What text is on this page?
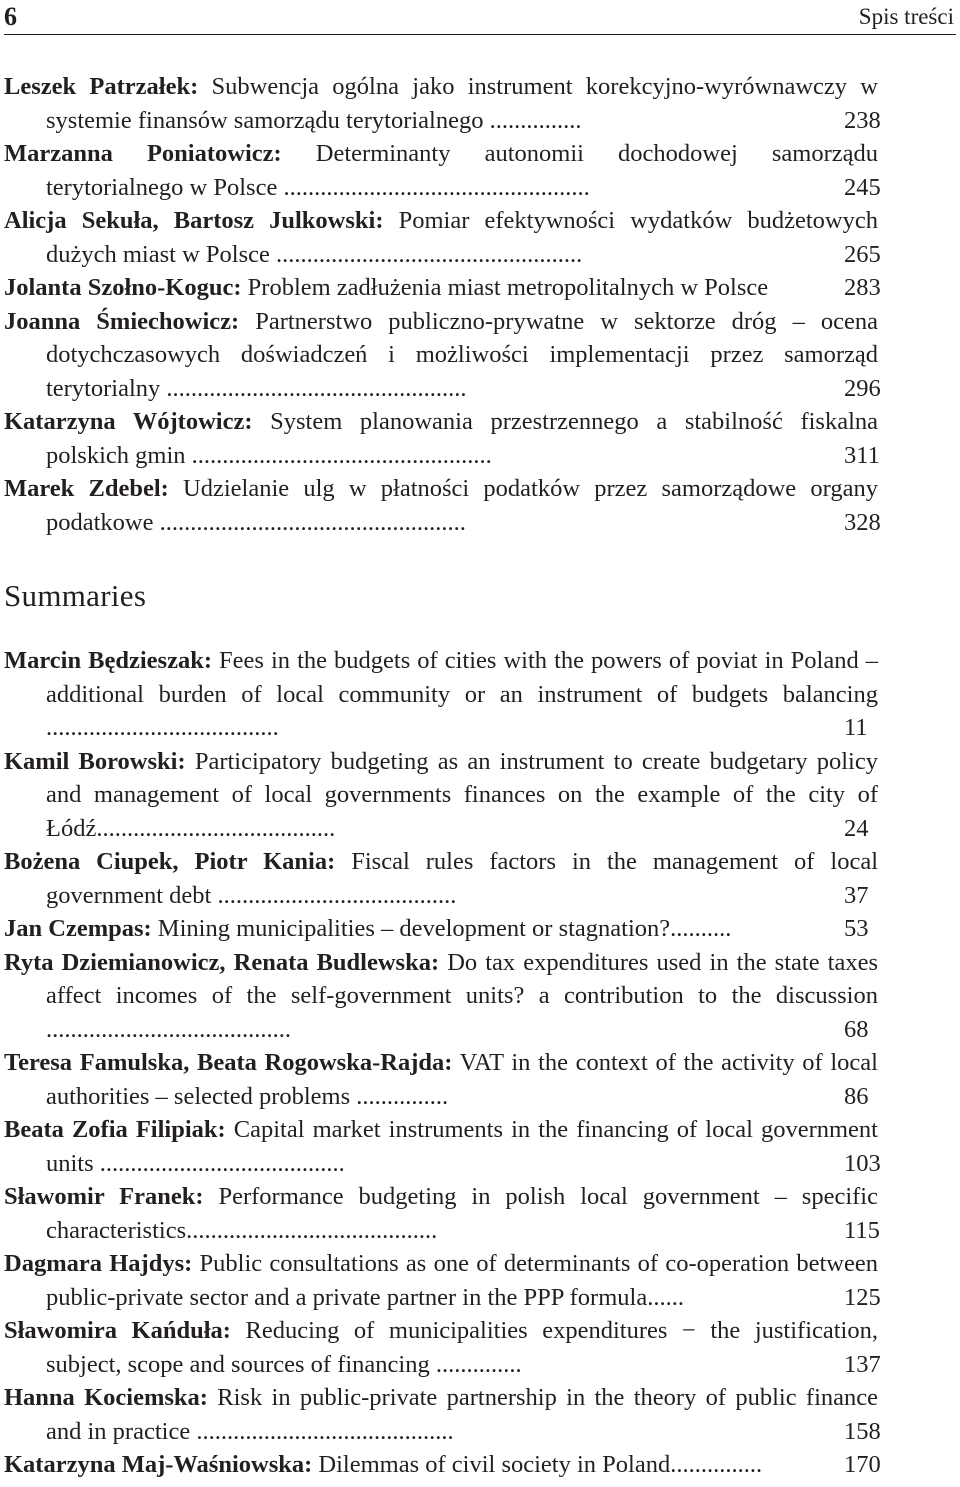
6	Spis treści
Leszek Patrzałek: Subwencja ogólna jako instrument korekcyjno-wyrównawczy w systemie finansów samorządu terytorialnego ...............	238
Marzanna Poniatowicz: Determinanty autonomii dochodowej samorządu terytorialnego w Polsce ..................................................	245
Alicja Sekuła, Bartosz Julkowski: Pomiar efektywności wydatków budżetowych dużych miast w Polsce ..................................................	265
Jolanta Szołno-Koguc: Problem zadłużenia miast metropolitalnych w Polsce	283
Joanna Śmiechowicz: Partnerstwo publiczno-prywatne w sektorze dróg – ocena dotychczasowych doświadczeń i możliwości implementacji przez samorząd terytorialny .................................................	296
Katarzyna Wójtowicz: System planowania przestrzennego a stabilność fiskalna polskich gmin .................................................	311
Marek Zdebel: Udzielanie ulg w płatności podatków przez samorządowe organy podatkowe ..................................................	328
Summaries
Marcin Będzieszak: Fees in the budgets of cities with the powers of poviat in Poland – additional burden of local community or an instrument of budgets balancing ......................................	11
Kamil Borowski: Participatory budgeting as an instrument to create budgetary policy and management of local governments finances on the example of the city of Łódź.......................................	24
Bożena Ciupek, Piotr Kania: Fiscal rules factors in the management of local government debt .......................................	37
Jan Czempas: Mining municipalities – development or stagnation?..........	53
Ryta Dziemianowicz, Renata Budlewska: Do tax expenditures used in the state taxes affect incomes of the self-government units? a contribution to the discussion ........................................	68
Teresa Famulska, Beata Rogowska-Rajda: VAT in the context of the activity of local authorities – selected problems ...............	86
Beata Zofia Filipiak: Capital market instruments in the financing of local government units ........................................	103
Sławomir Franek: Performance budgeting in polish local government – specific characteristics.........................................	115
Dagmara Hajdys: Public consultations as one of determinants of co-operation between public-private sector and a private partner in the PPP formula......	125
Sławomira Kańduła: Reducing of municipalities expenditures − the justification, subject, scope and sources of financing ..............	137
Hanna Kociemska: Risk in public-private partnership in the theory of public finance and in practice ..........................................	158
Katarzyna Maj-Waśniowska: Dilemmas of civil society in Poland...............	170
